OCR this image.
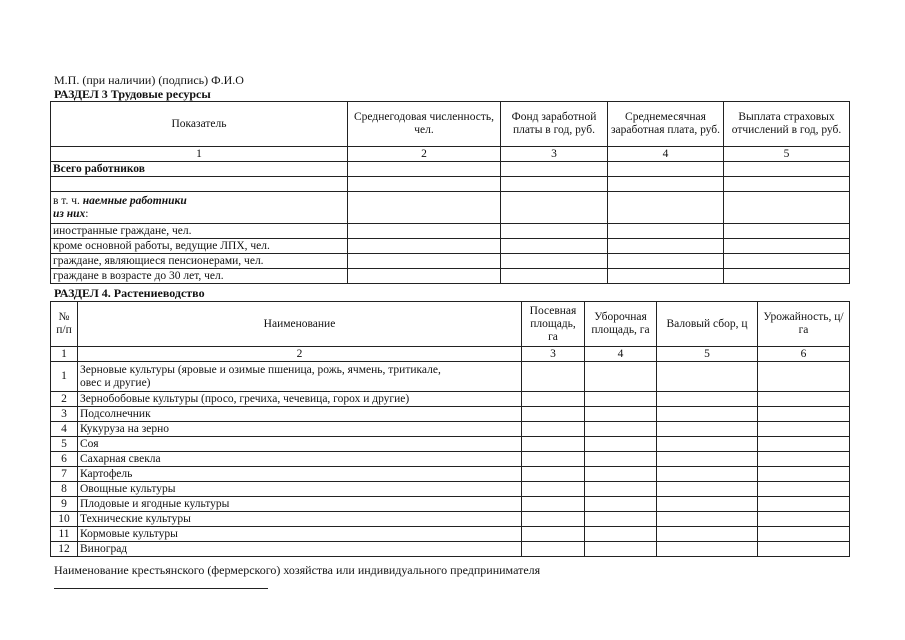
М.П. (при наличии) (подпись) Ф.И.О
РАЗДЕЛ 3 Трудовые ресурсы
Показатель	Среднегодовая численность, чел.	Фонд заработной платы в год, руб.	Среднемесячная заработная плата, руб.	Выплата страховых отчислений в год, руб.
1	2	3	4	5
Всего работников				

в т. ч. наемные работники
из них:				
иностранные граждане, чел.				
кроме основной работы, ведущие ЛПХ, чел.				
граждане, являющиеся пенсионерами, чел.				
граждане в возрасте до 30 лет, чел.				
РАЗДЕЛ 4. Растениеводство
№ п/п	Наименование	Посевная площадь, га	Уборочная площадь, га	Валовый сбор, ц	Урожайность, ц/га
1	2	3	4	5	6
1	Зерновые культуры (яровые и озимые пшеница, рожь, ячмень, тритикале,
овес и другие)				
2	Зернобобовые культуры (просо, гречиха, чечевица, горох и другие)				
3	Подсолнечник				
4	Кукуруза на зерно				
5	Соя				
6	Сахарная свекла				
7	Картофель				
8	Овощные культуры				
9	Плодовые и ягодные культуры				
10	Технические культуры				
11	Кормовые культуры				
12	Виноград				
Наименование крестьянского (фермерского) хозяйства или индивидуального предпринимателя
